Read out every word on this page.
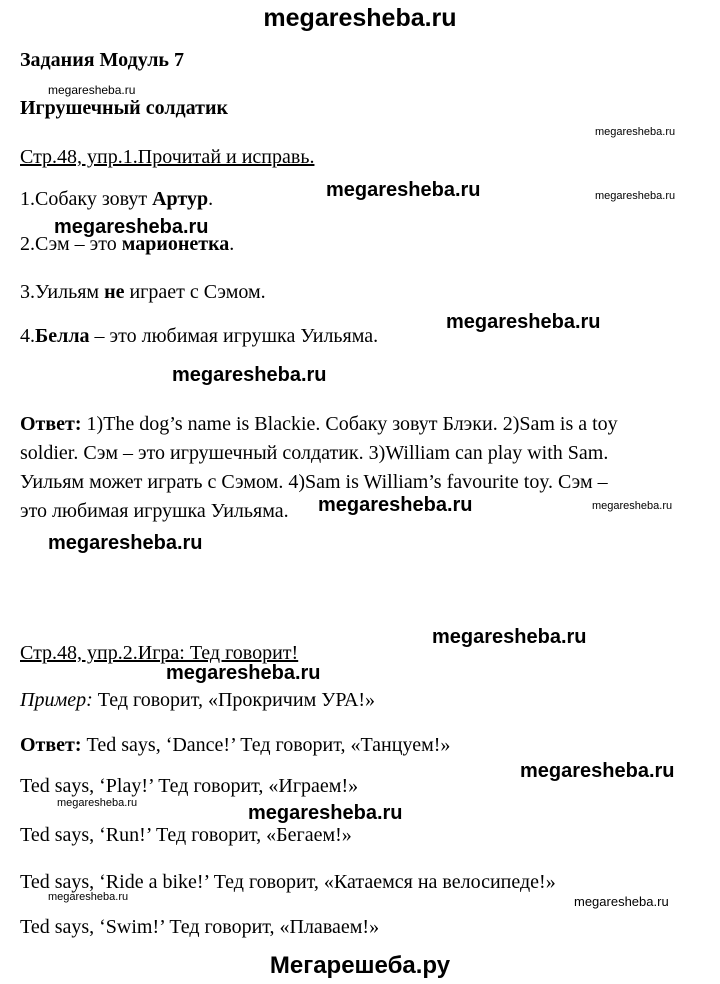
megaresheba.ru
Задания Модуль 7
megaresheba.ru
Игрушечный солдатик
megaresheba.ru
Стр.48, упр.1.Прочитай и исправь.
1.Собаку зовут Артур.	megaresheba.ru	megaresheba.ru
megaresheba.ru
2.Сэм – это марионетка.
3.Уильям не играет с Сэмом.
megaresheba.ru
4.Белла – это любимая игрушка Уильяма.
megaresheba.ru
Ответ: 1)The dog’s name is Blackie. Собаку зовут Блэки. 2)Sam is a toy
soldier. Сэм – это игрушечный солдатик. 3)William can play with Sam.
Уильям может играть с Сэмом. 4)Sam is William’s favourite toy. Сэм –
это любимая игрушка Уильяма. megaresheba.ru	megaresheba.ru
megaresheba.ru
megaresheba.ru
Стр.48, упр.2.Игра: Тед говорит!
megaresheba.ru
Пример: Тед говорит, «Прокричим УРА!»
Ответ: Ted says, ‘Dance!’ Тед говорит, «Танцуем!»
megaresheba.ru
Ted says, ‘Play!’ Тед говорит, «Играем!»
megaresheba.ru	megaresheba.ru
Ted says, ‘Run!’ Тед говорит, «Бегаем!»
Ted says, ‘Ride a bike!’ Тед говорит, «Катаемся на велосипеде!»
megaresheba.ru	megaresheba.ru
Ted says, ‘Swim!’ Тед говорит, «Плаваем!»
Мегарешеба.ру
